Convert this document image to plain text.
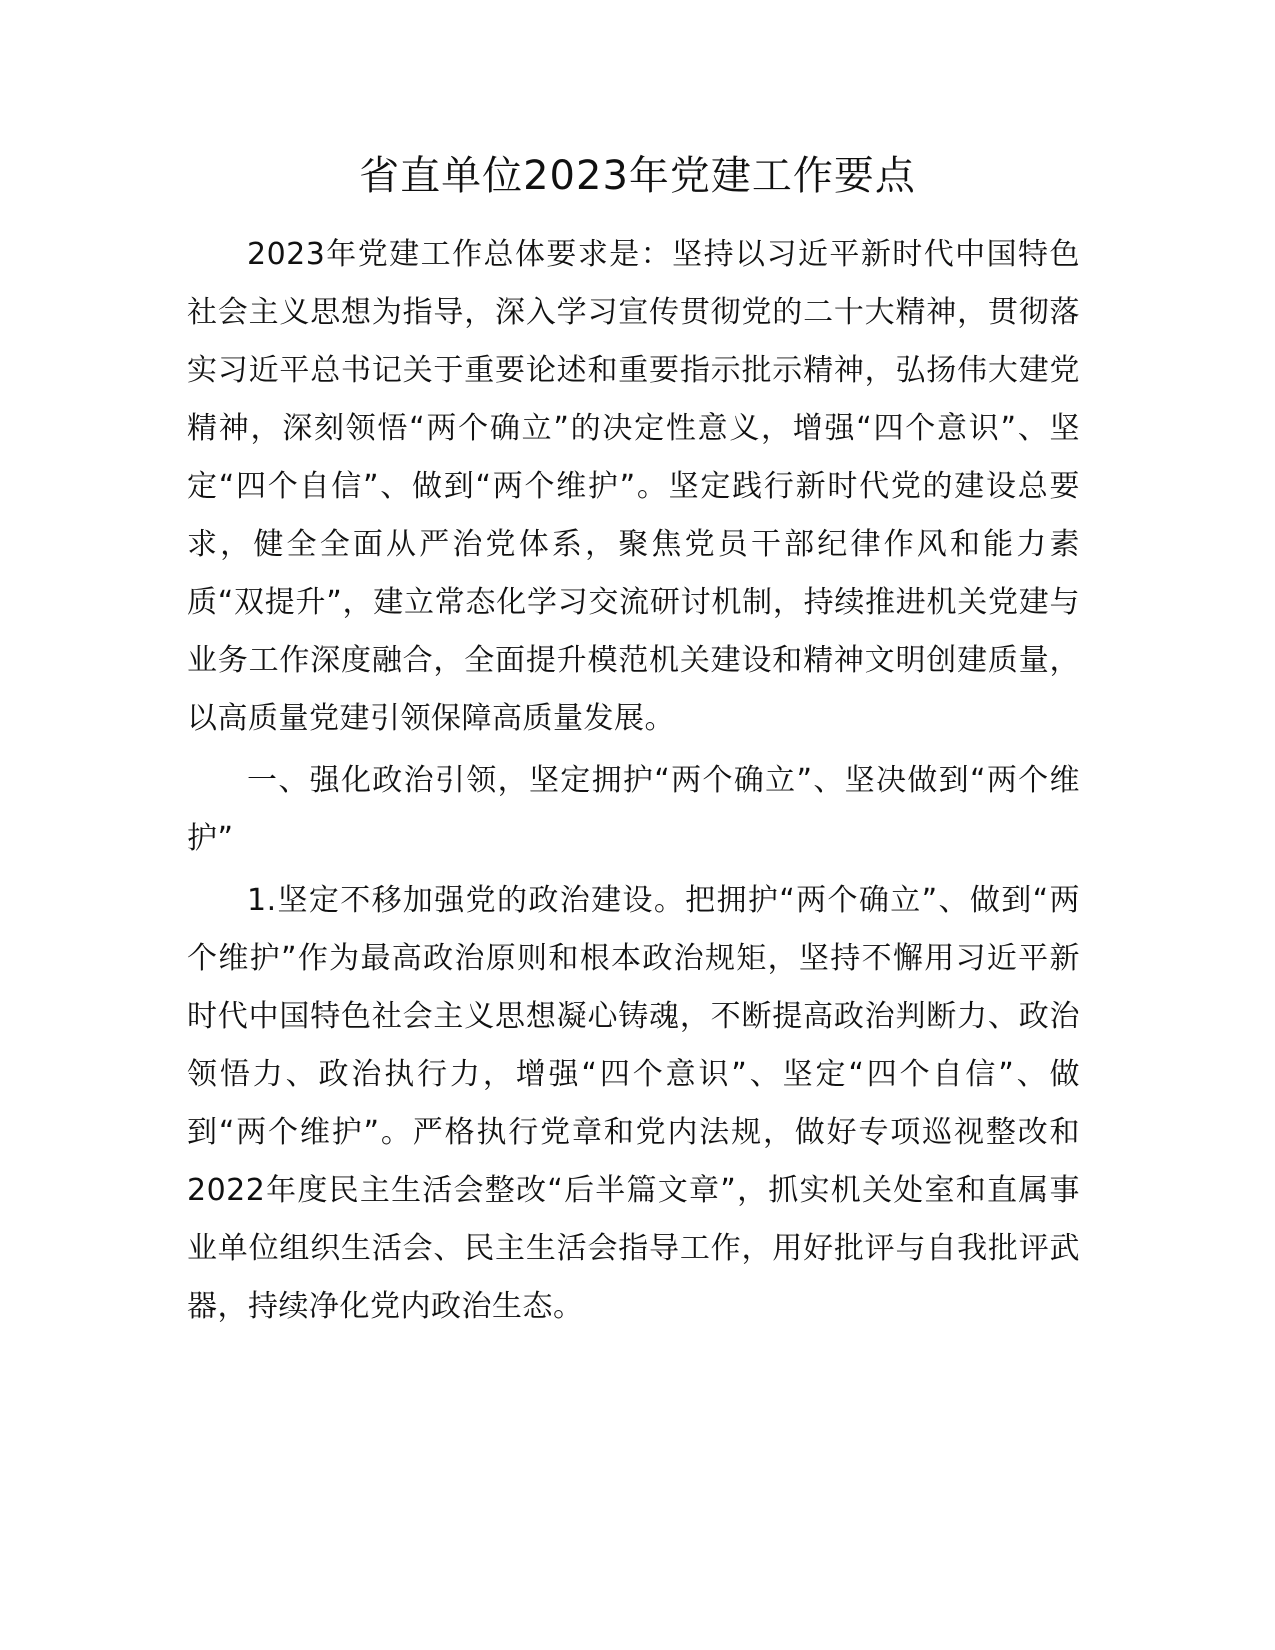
省直单位2023年党建工作要点

2023年党建工作总体要求是：坚持以习近平新时代中国特色社会主义思想为指导，深入学习宣传贯彻党的二十大精神，贯彻落实习近平总书记关于重要论述和重要指示批示精神，弘扬伟大建党精神，深刻领悟“两个确立”的决定性意义，增强“四个意识”、坚定“四个自信”、做到“两个维护”。坚定践行新时代党的建设总要求，健全全面从严治党体系，聚焦党员干部纪律作风和能力素质“双提升”，建立常态化学习交流研讨机制，持续推进机关党建与业务工作深度融合，全面提升模范机关建设和精神文明创建质量，以高质量党建引领保障高质量发展。

一、强化政治引领，坚定拥护“两个确立”、坚决做到“两个维护”

1.坚定不移加强党的政治建设。把拥护“两个确立”、做到“两个维护”作为最高政治原则和根本政治规矩，坚持不懈用习近平新时代中国特色社会主义思想凝心铸魂，不断提高政治判断力、政治领悟力、政治执行力，增强“四个意识”、坚定“四个自信”、做到“两个维护”。严格执行党章和党内法规，做好专项巡视整改和2022年度民主生活会整改“后半篇文章”，抓实机关处室和直属事业单位组织生活会、民主生活会指导工作，用好批评与自我批评武器，持续净化党内政治生态。
